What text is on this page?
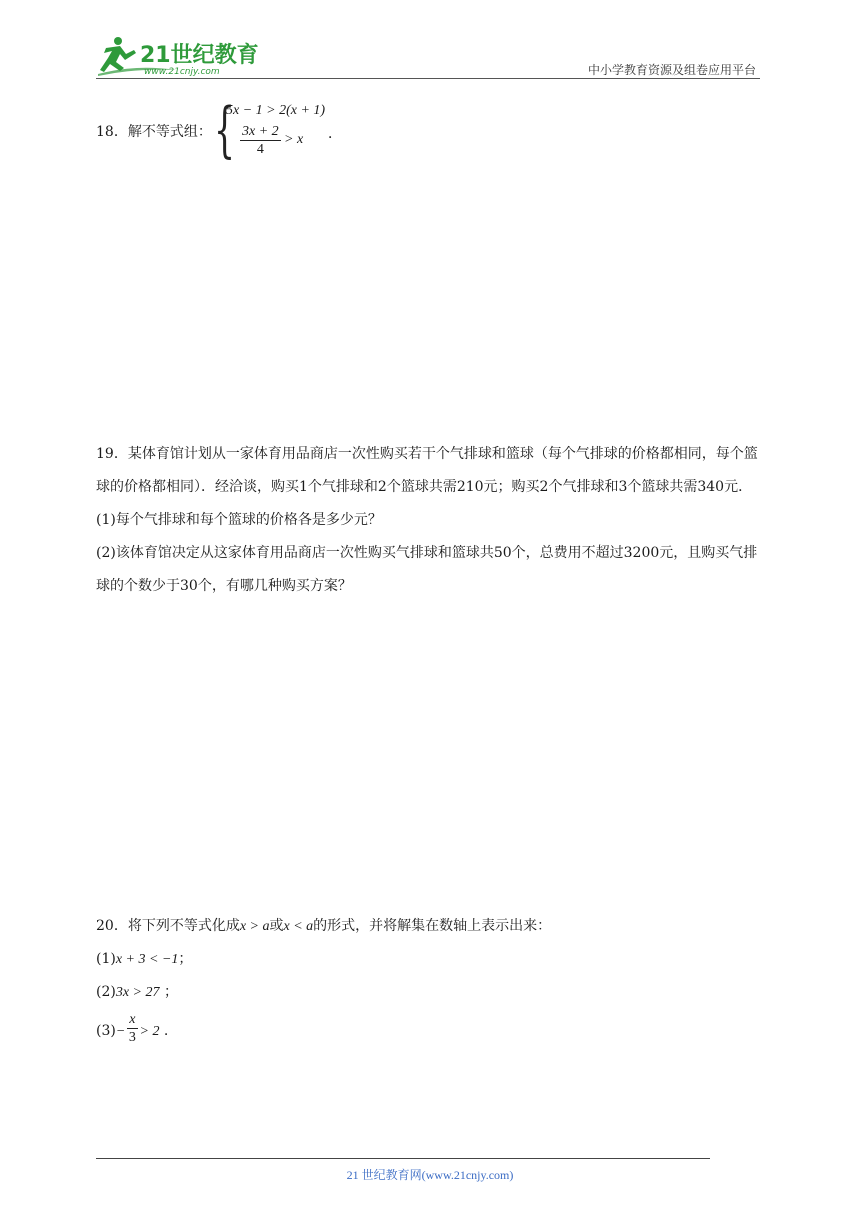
21世纪教育
www.21cnjy.com	中小学教育资源及组卷应用平台
18．解不等式组： {
5x − 1 > 2(x + 1)
$\frac{3x + 2}{4} > x$ ．

19．某体育馆计划从一家体育用品商店一次性购买若干个气排球和篮球（每个气排球的价格都相同，每个篮球的价格都相同）．经洽谈，购买1个气排球和2个篮球共需210元；购买2个气排球和3个篮球共需340元．

(1)每个气排球和每个篮球的价格各是多少元？

(2)该体育馆决定从这家体育用品商店一次性购买气排球和篮球共50个，总费用不超过3200元，且购买气排球的个数少于30个，有哪几种购买方案？

20．将下列不等式化成x > a或x < a的形式，并将解集在数轴上表示出来：

(1)x + 3 < −1；

(2)3x > 27 ；

$(3)- \frac{x}{3} > 2$ .

21 世纪教育网(www.21cnjy.com)
